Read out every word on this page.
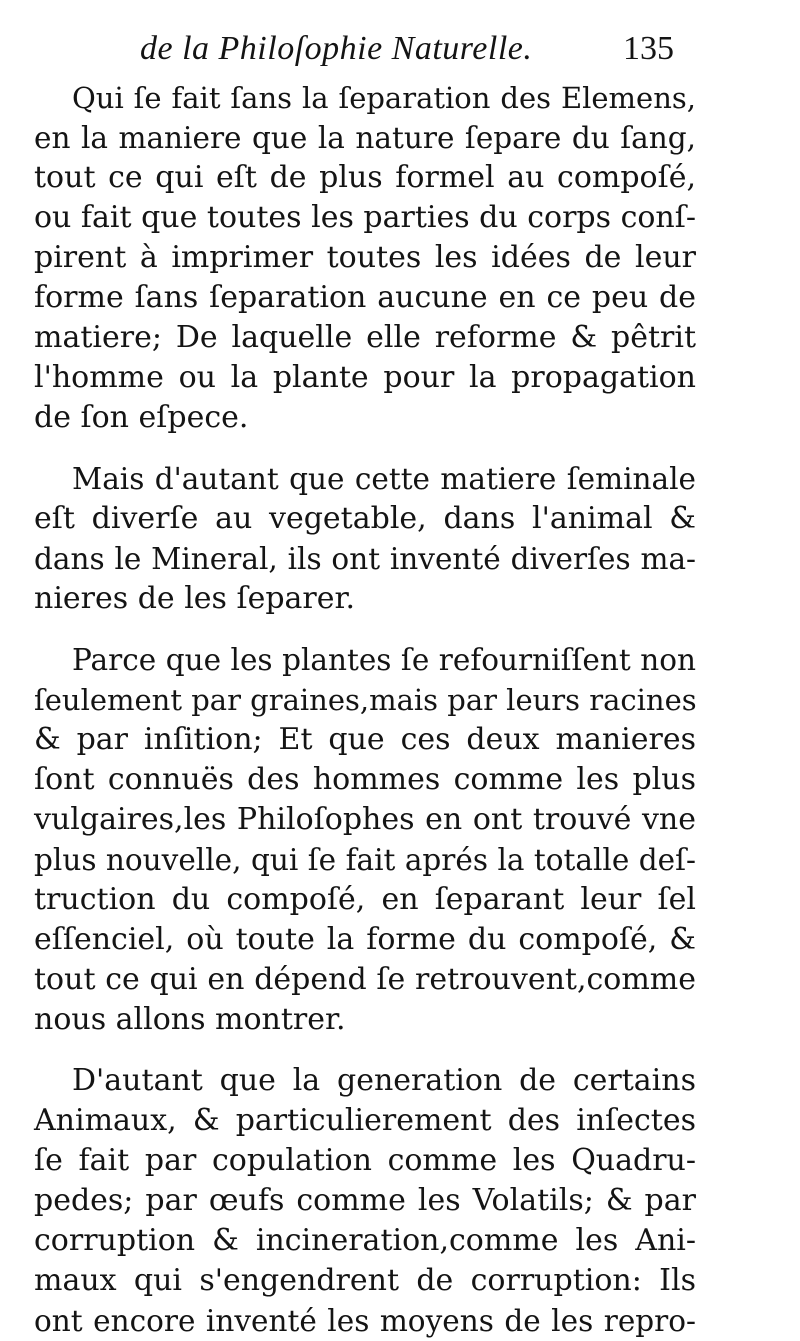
de la Philoſophie Naturelle.	135

Qui ſe fait ſans la ſeparation des Elemens,
en la maniere que la nature ſepare du ſang,
tout ce qui eſt de plus formel au compoſé,
ou fait que toutes les parties du corps conſ-
pirent à imprimer toutes les idées de leur
forme ſans ſeparation aucune en ce peu de
matiere; De laquelle elle reforme & pêtrit
l'homme ou la plante pour la propagation
de ſon eſpece.

Mais d'autant que cette matiere ſeminale
eſt diverſe au vegetable, dans l'animal &
dans le Mineral, ils ont inventé diverſes ma-
nieres de les ſeparer.

Parce que les plantes ſe refourniſſent non
ſeulement par graines,mais par leurs racines
& par inſition; Et que ces deux manieres
ſont connuës des hommes comme les plus
vulgaires,les Philoſophes en ont trouvé vne
plus nouvelle, qui ſe fait aprés la totalle deſ-
truction du compoſé, en ſeparant leur ſel
eſſenciel, où toute la forme du compoſé, &
tout ce qui en dépend ſe retrouvent,comme
nous allons montrer.

D'autant que la generation de certains
Animaux, & particulierement des inſectes
ſe fait par copulation comme les Quadru-
pedes; par œufs comme les Volatils; & par
corruption & incineration,comme les Ani-
maux qui s'engendrent de corruption: Ils
ont encore inventé les moyens de les repro-
